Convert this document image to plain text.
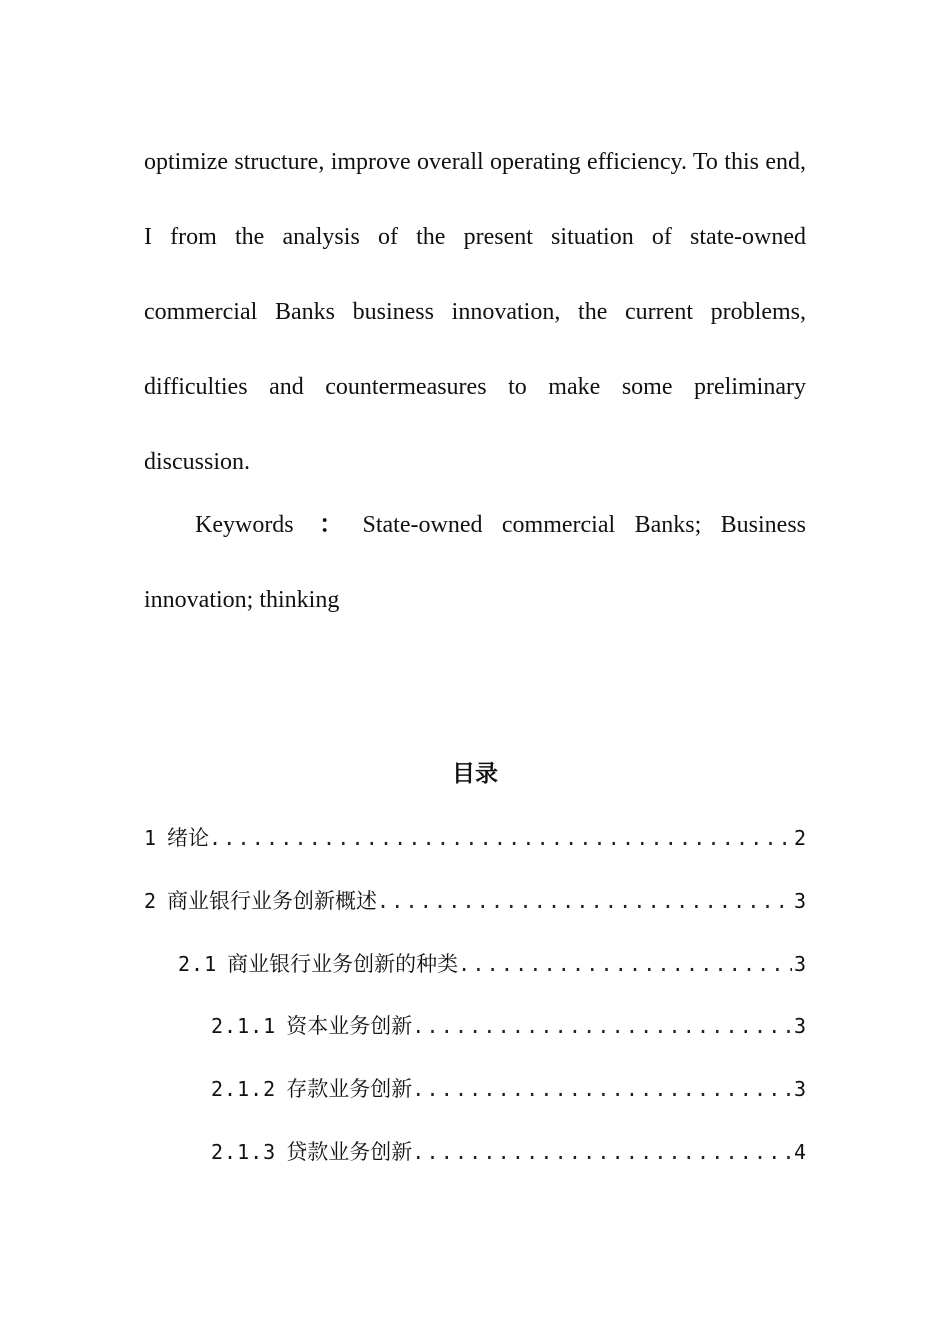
optimize structure, improve overall operating efficiency. To this end, I from the analysis of the present situation of state-owned commercial Banks business innovation, the current problems, difficulties and countermeasures to make some preliminary discussion.

Keywords ： State-owned commercial Banks; Business innovation; thinking

目录
1 绪论 .....	2
2 商业银行业务创新概述 .....	3
2.1 商业银行业务创新的种类 .....	3
2.1.1 资本业务创新 .....	3
2.1.2 存款业务创新 .....	3
2.1.3 贷款业务创新 .....	4
